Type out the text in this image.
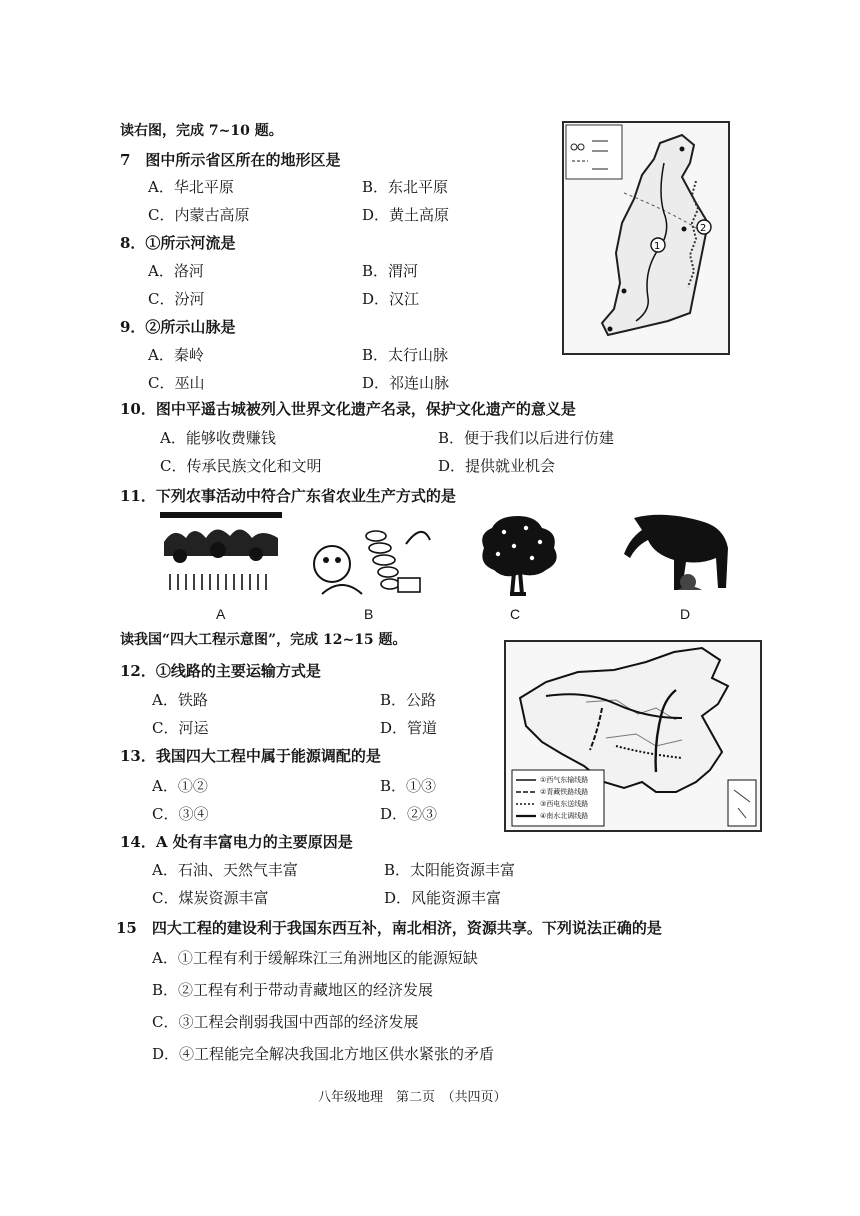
读右图，完成 7~10 题。
7　图中所示省区所在的地形区是
A．华北平原	B．东北平原
C．内蒙古高原	D．黄土高原
8．①所示河流是
A．洛河	B．渭河
C．汾河	D．汉江
9．②所示山脉是
A．秦岭	B．太行山脉
C．巫山	D．祁连山脉
1
2
10．图中平遥古城被列入世界文化遗产名录，保护文化遗产的意义是
A．能够收费赚钱	B．便于我们以后进行仿建
C．传承民族文化和文明	D．提供就业机会
11．下列农事活动中符合广东省农业生产方式的是
A	B	C	D
读我国“四大工程示意图”，完成 12~15 题。
12．①线路的主要运输方式是
A．铁路	B．公路
C．河运	D．管道
13．我国四大工程中属于能源调配的是
A．①②	B．①③
C．③④	D．②③
①西气东输线路
②青藏铁路线路
③西电东送线路
④南水北调线路
14．A 处有丰富电力的主要原因是
A．石油、天然气丰富	B．太阳能资源丰富
C．煤炭资源丰富	D．风能资源丰富
15　四大工程的建设利于我国东西互补，南北相济，资源共享。下列说法正确的是
A．①工程有利于缓解珠江三角洲地区的能源短缺
B．②工程有利于带动青藏地区的经济发展
C．③工程会削弱我国中西部的经济发展
D．④工程能完全解决我国北方地区供水紧张的矛盾
八年级地理　第二页　（共四页）
